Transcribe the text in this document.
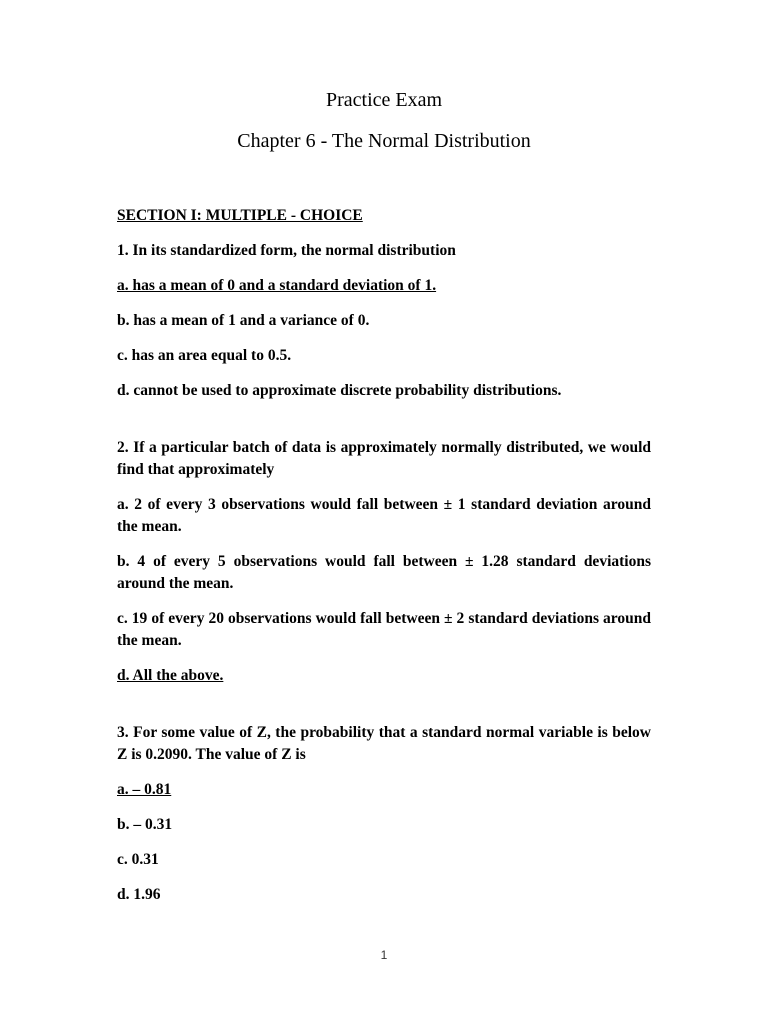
Practice Exam
Chapter 6 - The Normal Distribution

SECTION I: MULTIPLE - CHOICE

1. In its standardized form, the normal distribution

a. has a mean of 0 and a standard deviation of 1.

b. has a mean of 1 and a variance of 0.

c. has an area equal to 0.5.

d. cannot be used to approximate discrete probability distributions.

2. If a particular batch of data is approximately normally distributed, we would find that approximately

a. 2 of every 3 observations would fall between ± 1 standard deviation around the mean.

b. 4 of every 5 observations would fall between ± 1.28 standard deviations around the mean.

c. 19 of every 20 observations would fall between ± 2 standard deviations around the mean.

d. All the above.

3. For some value of Z, the probability that a standard normal variable is below Z is 0.2090. The value of Z is

a. – 0.81

b. – 0.31

c. 0.31

d. 1.96

1
